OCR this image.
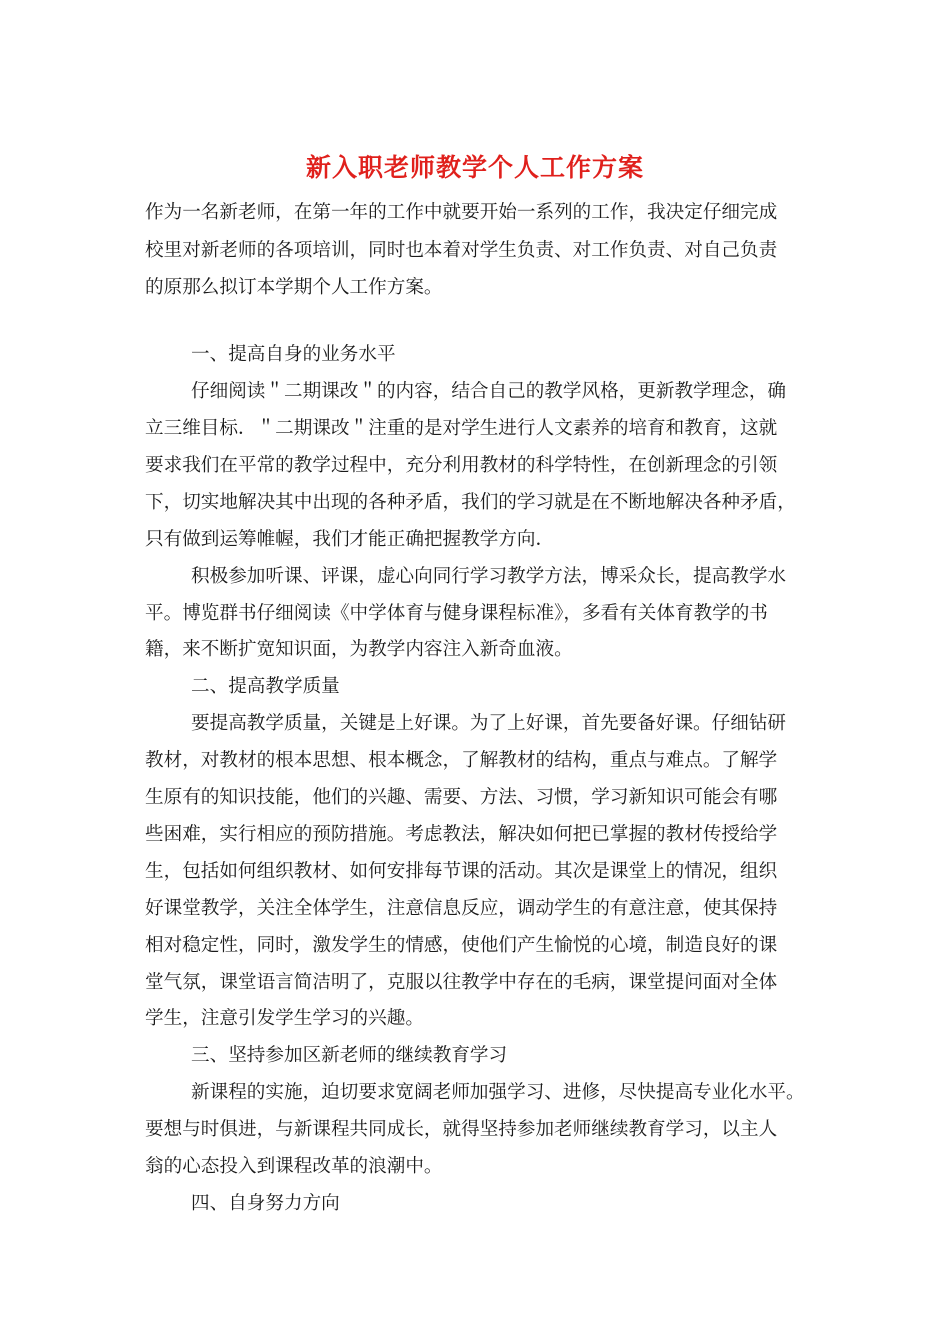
新入职老师教学个人工作方案
作为一名新老师，在第一年的工作中就要开始一系列的工作，我决定仔细完成
校里对新老师的各项培训，同时也本着对学生负责、对工作负责、对自己负责
的原那么拟订本学期个人工作方案。
一、提高自身的业务水平
仔细阅读＂二期课改＂的内容，结合自己的教学风格，更新教学理念，确
立三维目标．＂二期课改＂注重的是对学生进行人文素养的培育和教育，这就
要求我们在平常的教学过程中，充分利用教材的科学特性，在创新理念的引领
下，切实地解决其中出现的各种矛盾，我们的学习就是在不断地解决各种矛盾，
只有做到运筹帷幄，我们才能正确把握教学方向．
积极参加听课、评课，虚心向同行学习教学方法，博采众长，提高教学水
平。博览群书仔细阅读《中学体育与健身课程标准》，多看有关体育教学的书
籍，来不断扩宽知识面，为教学内容注入新奇血液。
二、提高教学质量
要提高教学质量，关键是上好课。为了上好课，首先要备好课。仔细钻研
教材，对教材的根本思想、根本概念，了解教材的结构，重点与难点。了解学
生原有的知识技能，他们的兴趣、需要、方法、习惯，学习新知识可能会有哪
些困难，实行相应的预防措施。考虑教法，解决如何把已掌握的教材传授给学
生，包括如何组织教材、如何安排每节课的活动。其次是课堂上的情况，组织
好课堂教学，关注全体学生，注意信息反应，调动学生的有意注意，使其保持
相对稳定性，同时，激发学生的情感，使他们产生愉悦的心境，制造良好的课
堂气氛，课堂语言简洁明了，克服以往教学中存在的毛病，课堂提问面对全体
学生，注意引发学生学习的兴趣。
三、坚持参加区新老师的继续教育学习
新课程的实施，迫切要求宽阔老师加强学习、进修，尽快提高专业化水平。
要想与时俱进，与新课程共同成长，就得坚持参加老师继续教育学习，以主人
翁的心态投入到课程改革的浪潮中。
四、自身努力方向
